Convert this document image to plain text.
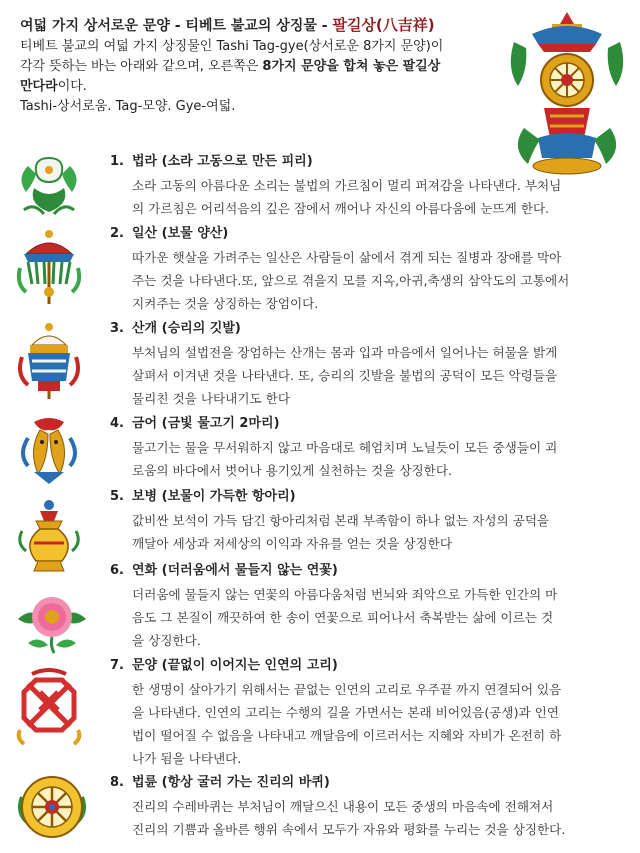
여덟 가지 상서로운 문양 - 티베트 불교의 상징물 - 팔길상(八吉祥)
티베트 불교의 여덟 가지 상징물인 Tashi Tag-gye(상서로운 8가지 문양)이
각각 뜻하는 바는 아래와 같으며, 오른쪽은 8가지 문양을 합쳐 놓은 팔길상
만다라이다.
Tashi-상서로움. Tag-모양. Gye-여덟.
1. 법라 (소라 고동으로 만든 피리)
소라 고동의 아름다운 소리는 불법의 가르침이 멀리 퍼져감을 나타낸다. 부처님
의 가르침은 어리석음의 깊은 잠에서 깨어나 자신의 아름다움에 눈뜨게 한다.
2. 일산 (보물 양산)
따가운 햇살을 가려주는 일산은 사람들이 삶에서 겪게 되는 질병과 장애를 막아
주는 것을 나타낸다.또, 앞으로 겪을지 모를 지옥,아귀,축생의 삼악도의 고통에서
지켜주는 것을 상징하는 장엄이다.
3. 산개 (승리의 깃발)
부처님의 설법전을 장엄하는 산개는 몸과 입과 마음에서 일어나는 허물을 밝게
살펴서 이겨낸 것을 나타낸다. 또, 승리의 깃발을 불법의 공덕이 모든 악령들을
물리친 것을 나타내기도 한다
4. 금어 (금빛 물고기 2마리)
물고기는 물을 무서워하지 않고 마음대로 헤엄치며 노닐듯이 모든 중생들이 괴
로움의 바다에서 벗어나 용기있게 실천하는 것을 상징한다.
5. 보병 (보물이 가득한 항아리)
값비싼 보석이 가득 담긴 항아리처럼 본래 부족함이 하나 없는 자성의 공덕을
깨달아 세상과 저세상의 이익과 자유를 얻는 것을 상징한다
6. 연화 (더러움에서 물들지 않는 연꽃)
더러움에 물들지 않는 연꽃의 아름다움처럼 번뇌와 죄악으로 가득한 인간의 마
음도 그 본질이 깨끗하여 한 송이 연꽃으로 피어나서 축복받는 삶에 이르는 것
을 상징한다.
7. 문양 (끝없이 이어지는 인연의 고리)
한 생명이 살아가기 위해서는 끝없는 인연의 고리로 우주끝 까지 연결되어 있음
을 나타낸다. 인연의 고리는 수행의 길을 가면서는 본래 비어있음(공생)과 인연
법이 떨어질 수 없음을 나타내고 깨달음에 이르러서는 지혜와 자비가 온전히 하
나가 됨을 나타낸다.
8. 법륜 (항상 굴러 가는 진리의 바퀴)
진리의 수레바퀴는 부처님이 깨달으신 내용이 모든 중생의 마음속에 전해져서
진리의 기쁨과 올바른 행위 속에서 모두가 자유와 평화를 누리는 것을 상징한다.
